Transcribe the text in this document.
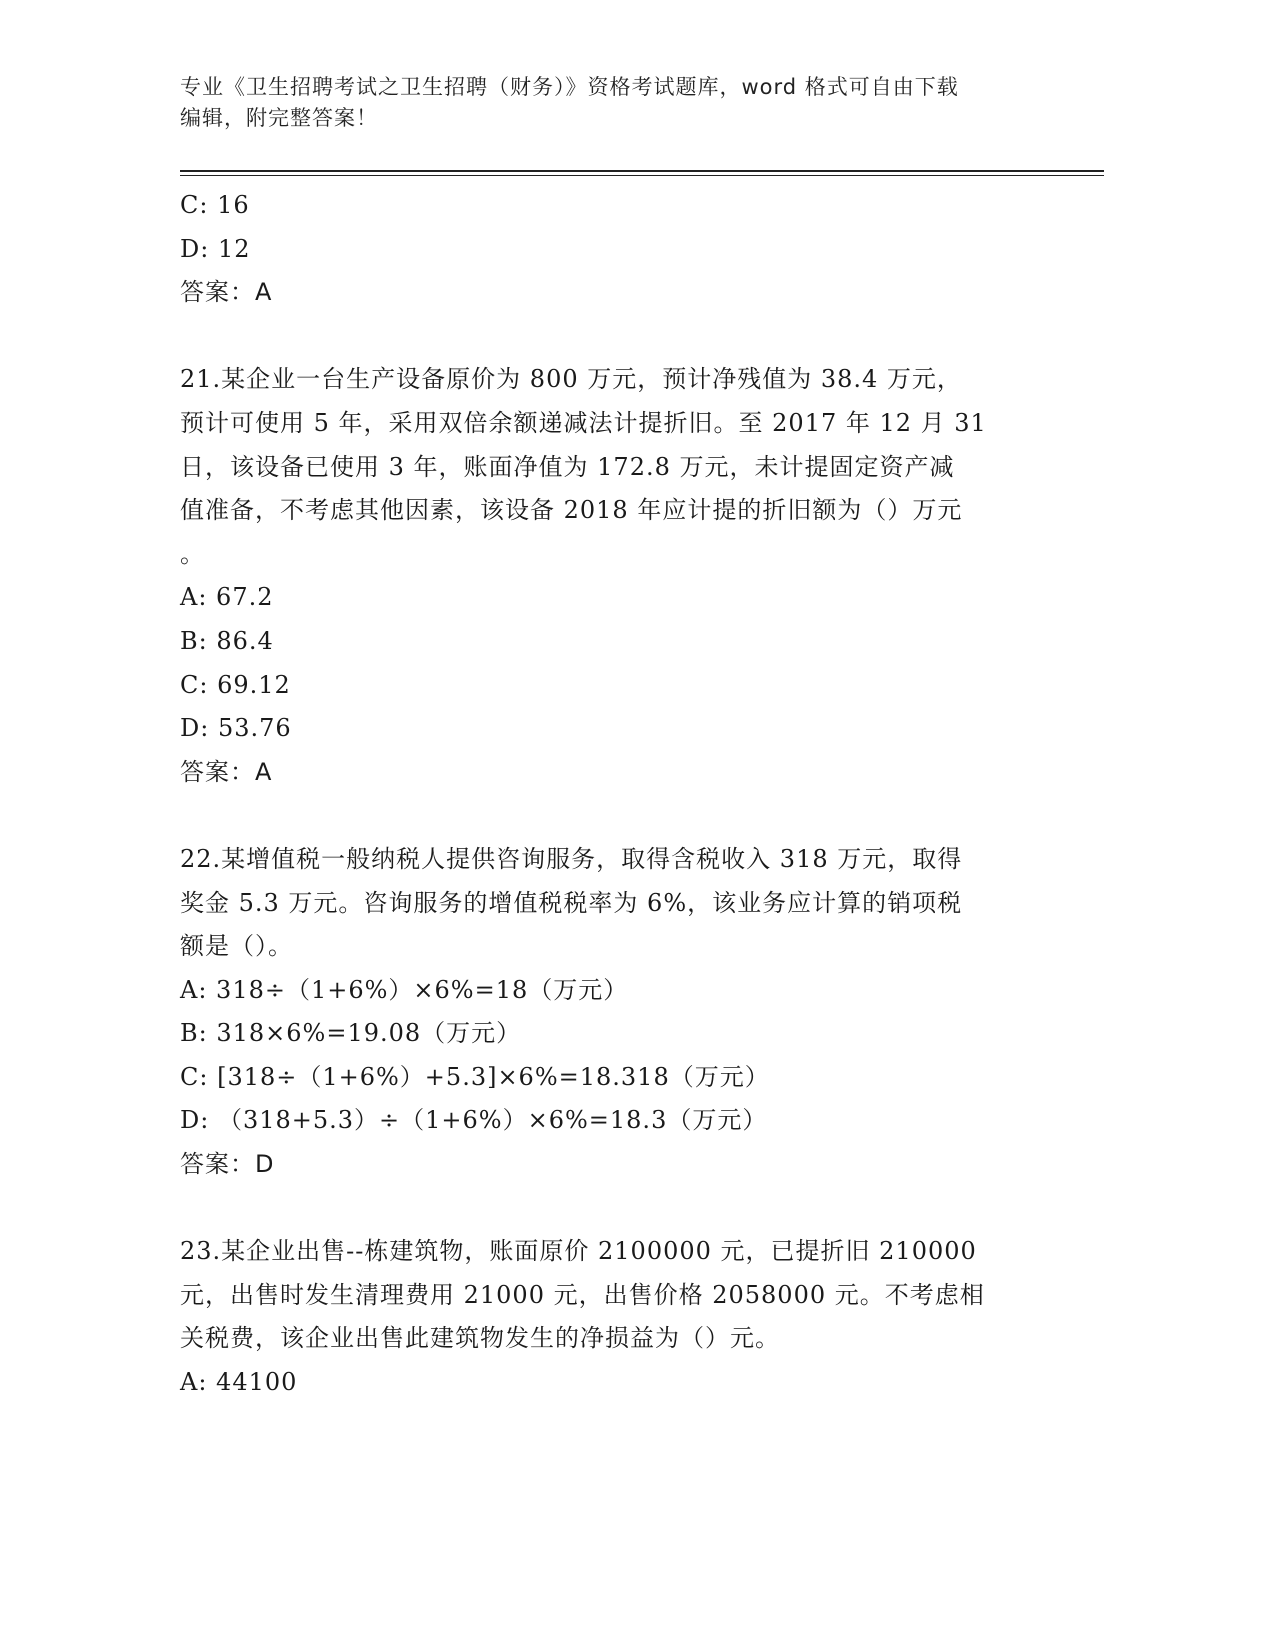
专业《卫生招聘考试之卫生招聘（财务）》资格考试题库，word 格式可自由下载
编辑，附完整答案！
C: 16
D: 12
答案：A
21.某企业一台生产设备原价为 800 万元，预计净残值为 38.4 万元，
预计可使用 5 年，采用双倍余额递减法计提折旧。至 2017 年 12 月 31
日，该设备已使用 3 年，账面净值为 172.8 万元，未计提固定资产减
值准备，不考虑其他因素，该设备 2018 年应计提的折旧额为（）万元
。
A: 67.2
B: 86.4
C: 69.12
D: 53.76
答案：A
22.某增值税一般纳税人提供咨询服务，取得含税收入 318 万元，取得
奖金 5.3 万元。咨询服务的增值税税率为 6%，该业务应计算的销项税
额是（）。
A: 318÷（1+6%）×6%=18（万元）
B: 318×6%=19.08（万元）
C: [318÷（1+6%）+5.3]×6%=18.318（万元）
D: （318+5.3）÷（1+6%）×6%=18.3（万元）
答案：D
23.某企业出售--栋建筑物，账面原价 2100000 元，已提折旧 210000
元，出售时发生清理费用 21000 元，出售价格 2058000 元。不考虑相
关税费，该企业出售此建筑物发生的净损益为（）元。
A: 44100
